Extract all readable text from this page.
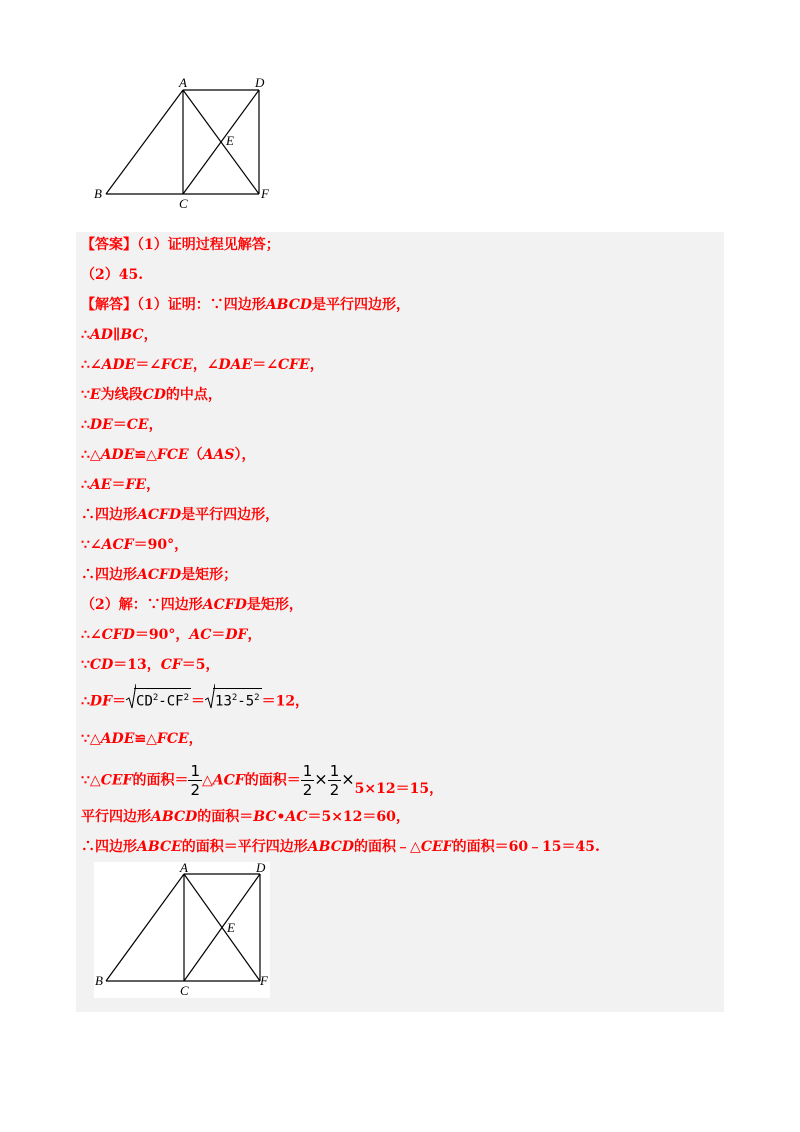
A
B
C
D
E
F
【答案】（1）证明过程见解答；
（2）45.
【解答】（1）证明：∵四边形ABCD是平行四边形，
∴AD∥BC，
∴∠ADE＝∠FCE，∠DAE＝∠CFE，
∵E为线段CD的中点，
∴DE＝CE，
∴△ADE≌△FCE（AAS），
∴AE＝FE，
∴四边形ACFD是平行四边形，
∵∠ACF＝90°，
∴四边形ACFD是矩形；
（2）解：∵四边形ACFD是矩形，
∴∠CFD＝90°，AC＝DF，
∵CD＝13，CF＝5，
∴DF＝ $CD^2-CF^2 = 13^2-5^2 =12$，
∵△ADE≌△FCE，
∵△CEF的面积＝ $\frac{1}{2}$ △ACF的面积＝ $\frac{1}{2} \times \frac{1}{2} \times 5\times 12=15$，
平行四边形ABCD的面积＝BC•AC＝5×12＝60，
∴四边形ABCE的面积＝平行四边形ABCD的面积﹣△CEF的面积＝60﹣15＝45.
A
B
C
D
E
F
